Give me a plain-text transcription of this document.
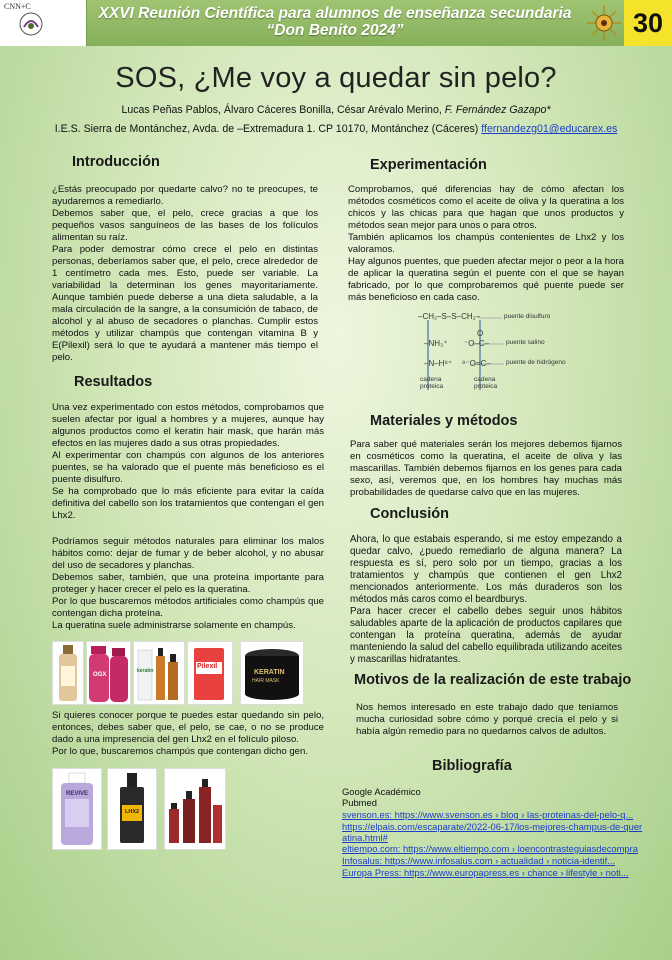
CNN+C	XXVI Reunión Científica para alumnos de enseñanza secundaria
“Don Benito 2024”	30
SOS, ¿Me voy a quedar sin pelo?
Lucas Peñas Pablos, Álvaro Cáceres Bonilla, César Arévalo Merino, F. Fernández Gazapo*
I.E.S. Sierra de Montánchez, Avda. de –Extremadura 1. CP 10170, Montánchez (Cáceres) ffernandezg01@educarex.es
Introducción

¿Estás preocupado por quedarte calvo? no te preocupes, te ayudaremos a remediarlo.

Debemos saber que, el pelo, crece gracias a que los pequeños vasos sanguíneos de las bases de los folículos alimentan su raíz.

Para poder demostrar cómo crece el pelo en distintas personas, deberíamos saber que, el pelo, crece alrededor de 1 centímetro cada mes. Esto, puede ser variable. La variabilidad la determinan los genes mayoritariamente. Aunque también puede deberse a una dieta saludable, a la mala circulación de la sangre, a la consumición de tabaco, de alcohol y al abuso de secadores o planchas. Cumplir estos métodos y utilizar champús que contengan vitamina B y E(Pilexil) será lo que te ayudará a mantener más tiempo el pelo.

Resultados

Una vez experimentado con estos métodos, comprobamos que suelen afectar por igual a hombres y a mujeres, aunque hay algunos productos como el keratin hair mask, que harán más efectos en las mujeres dado a sus otras propiedades.

Al experimentar con champús con algunos de los anteriores puentes, se ha valorado que el puente más beneficioso es el puente disulfuro.

Se ha comprobado que lo más eficiente para evitar la caída definitiva del cabello son los tratamientos que contengan el gen Lhx2.

Podríamos seguir métodos naturales para eliminar los malos hábitos como: dejar de fumar y de beber alcohol, y no abusar del uso de secadores y planchas.

Debemos saber, también, que una proteína importante para proteger y hacer crecer el pelo es la queratina.

Por lo que buscaremos métodos artificiales como champús que contengan dicha proteína.

La queratina suele administrarse solamente en champús.

OGX
keratin
Pilexil
KERATIN
HAIR MASK

Si quieres conocer porque te puedes estar quedando sin pelo, entonces, debes saber que, el pelo, se cae, o no se produce dado a una impresencia del gen Lhx2 en el folículo piloso.

Por lo que, buscaremos champús que contengan dicho gen.

REVIVE
LHX2
Experimentación

Comprobamos, qué diferencias hay de cómo afectan los métodos cosméticos como el aceite de oliva y la queratina a los chicos y las chicas para que hagan que unos productos y métodos sean mejor para unos o para otros.

También aplicamos los champús contenientes de Lhx2 y los valoramos.

Hay algunos puentes, que pueden afectar mejor o peor a la hora de aplicar la queratina según el puente con el que se hayan fabricado, por lo que comprobaremos qué puente puede ser más beneficioso en cada caso.

–CH₂–S–S–CH₂–
O
–NH₃⁺ ⁻O–C–
–N–H⁸⁺ ⁸⁻O=C–
puente disulfuro
puente salino
puente de hidrógeno
cadena proteica
cadena proteica
Materiales y métodos

Para saber qué materiales serán los mejores debemos fijarnos en cosméticos como la queratina, el aceite de oliva y las mascarillas. También debemos fijarnos en los genes para cada sexo, así, veremos que, en los hombres hay muchas más probabilidades de quedarse calvo que en las mujeres.

Conclusión

Ahora, lo que estabais esperando, si me estoy empezando a quedar calvo, ¿puedo remediarlo de alguna manera? La respuesta es sí, pero solo por un tiempo, gracias a los tratamientos y champús que contienen el gen Lhx2 mencionados anteriormente. Los más duraderos son los métodos más caros como el beardburys.

Para hacer crecer el cabello debes seguir unos hábitos saludables aparte de la aplicación de productos capilares que contengan la proteína queratina, además de ayudar manteniendo la salud del cabello equilibrada utilizando aceites y mascarillas hidratantes.

Motivos de la realización de este trabajo

Nos hemos interesado en este trabajo dado que teníamos mucha curiosidad sobre cómo y porqué crecía el pelo y si había algún remedio para no quedarnos calvos de adultos.

Bibliografía
Google Académico
Pubmed
svenson.es: https://www.svenson.es › blog › las-proteinas-del-pelo-q...
https://elpais.com/escaparate/2022-06-17/los-mejores-champus-de-quer
atina.html#
eltiempo.com: https://www.eltiempo.com › loencontrasteguiasdecompra
Infosalus: https://www.infosalus.com › actualidad › noticia-identif...
Europa Press: https://www.europapress.es › chance › lifestyle › noti...
